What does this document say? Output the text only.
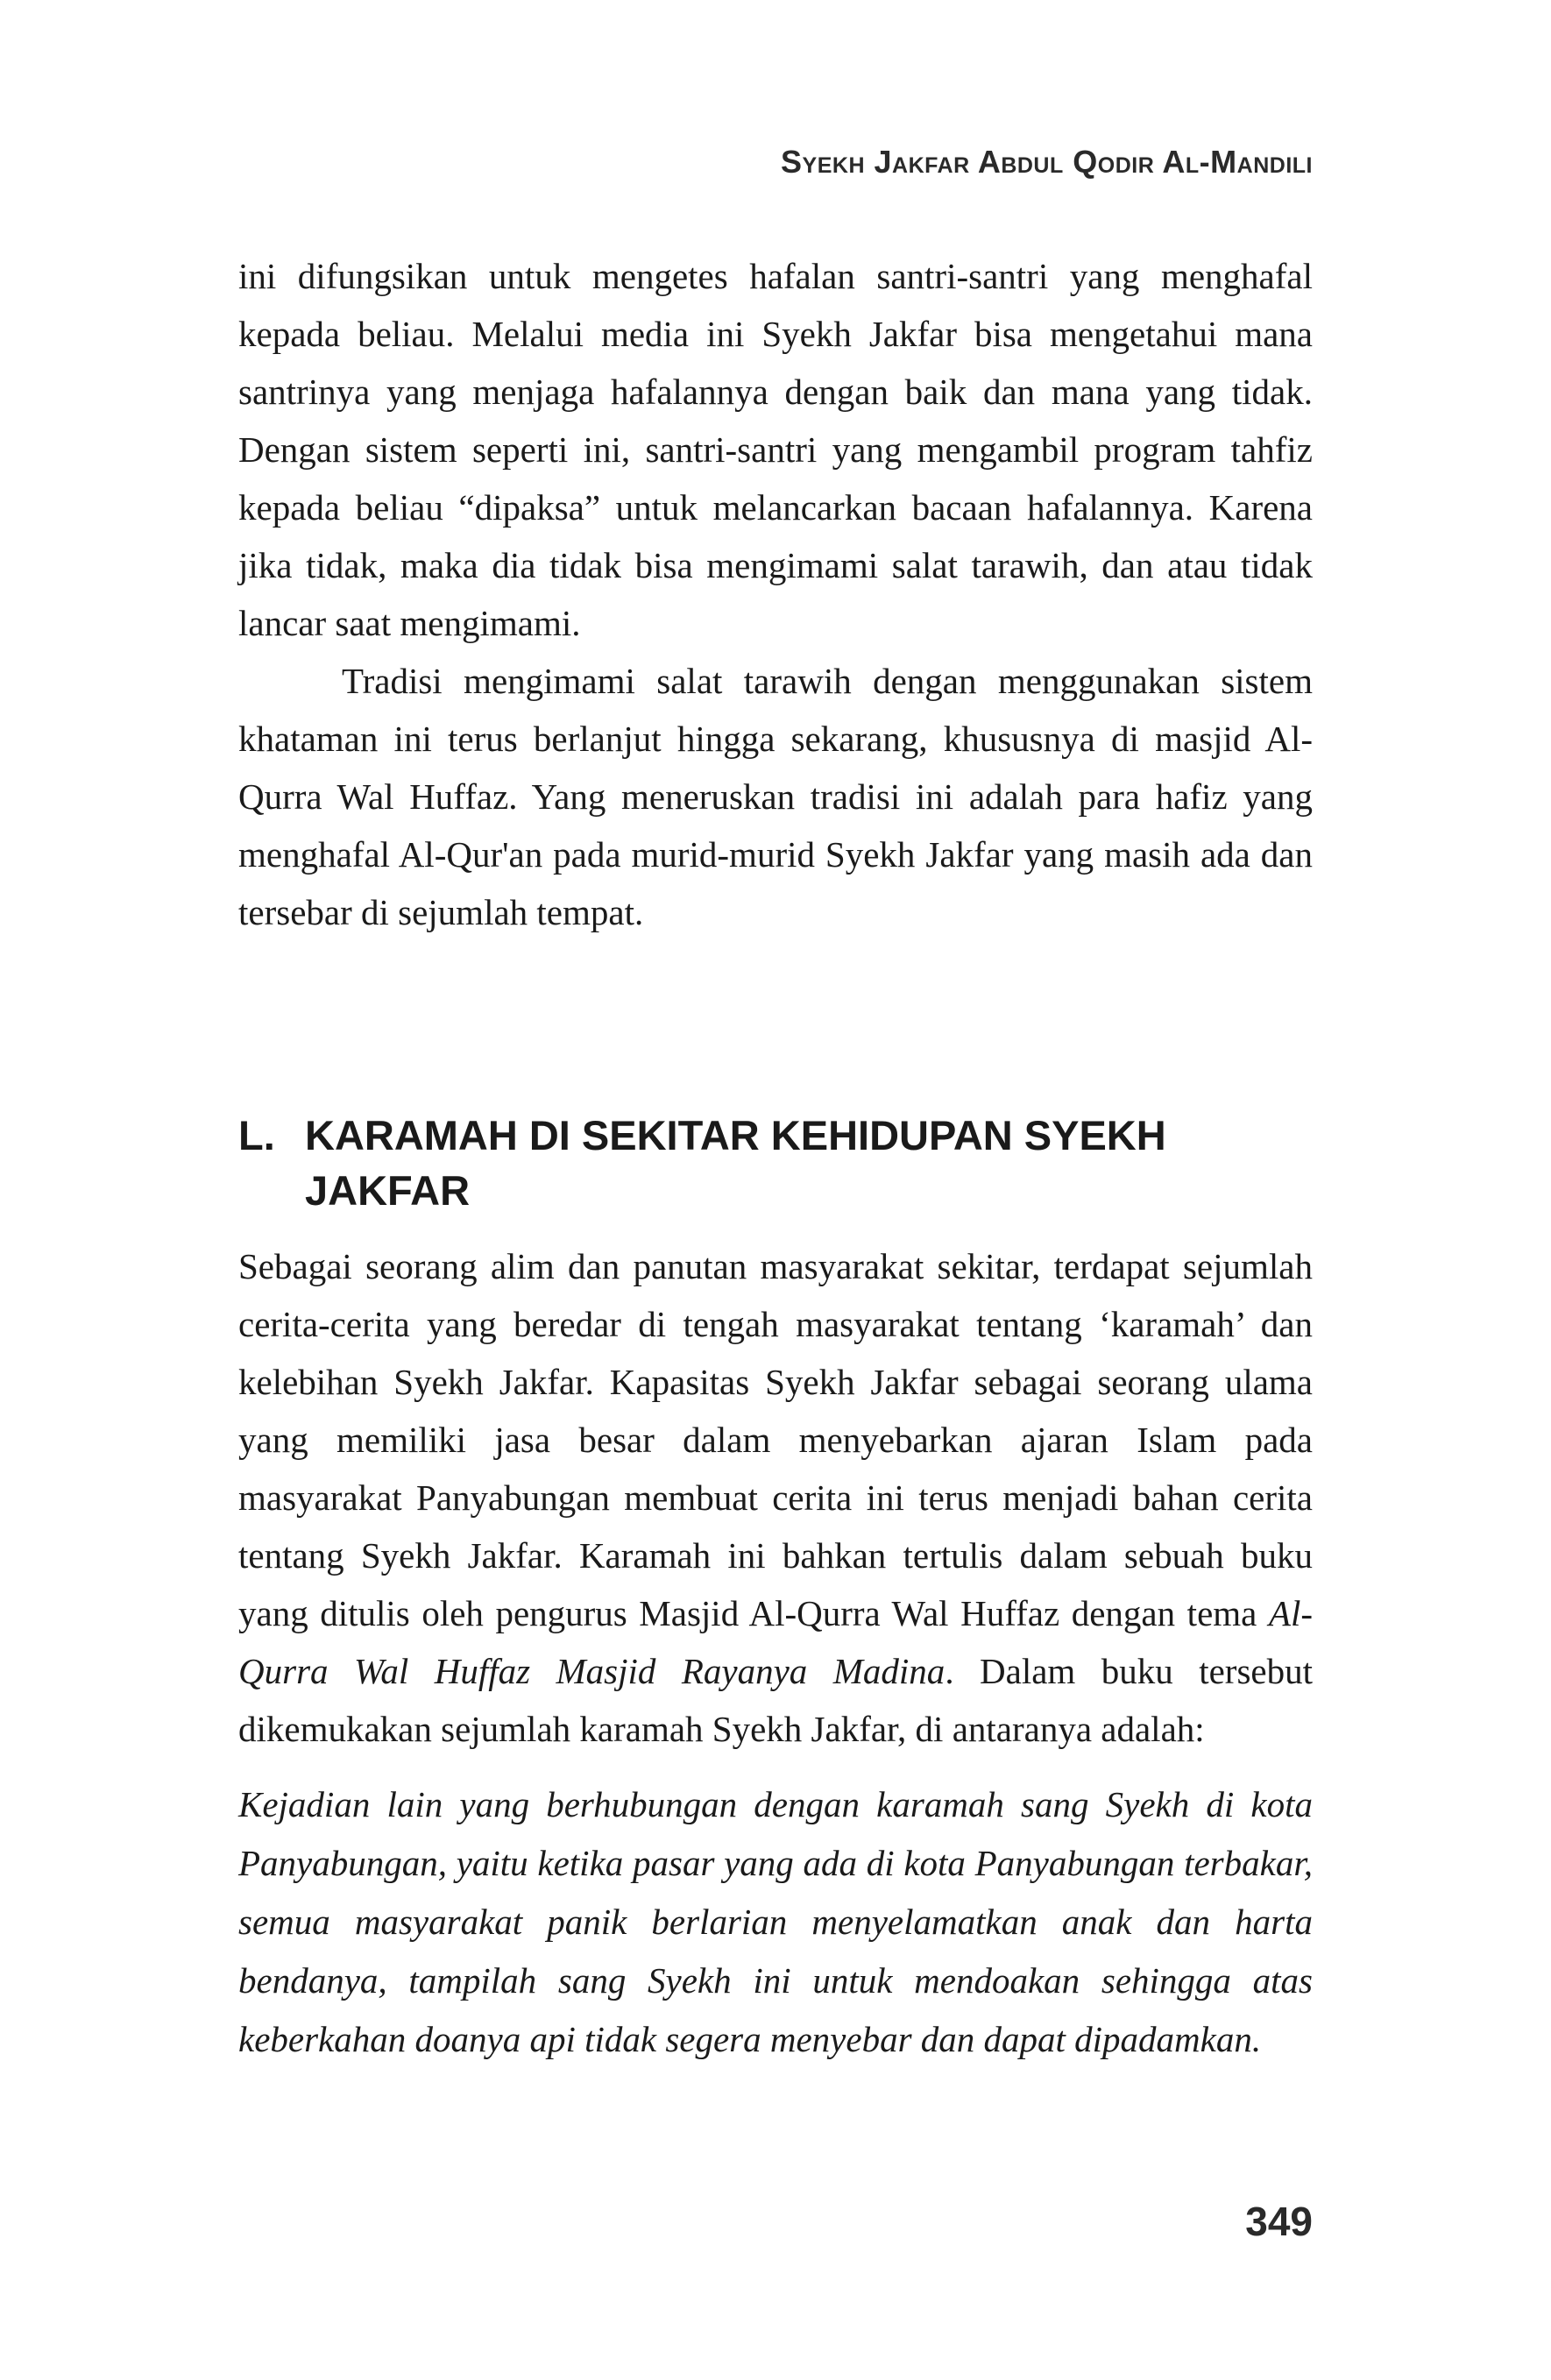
Syekh Jakfar Abdul Qodir Al-Mandili

ini difungsikan untuk mengetes hafalan santri-santri yang menghafal kepada beliau. Melalui media ini Syekh Jakfar bisa mengetahui mana santrinya yang menjaga hafalannya dengan baik dan mana yang tidak. Dengan sistem seperti ini, santri-santri yang mengambil program tahfiz kepada beliau “dipaksa” untuk melancarkan bacaan hafalannya. Karena jika tidak, maka dia tidak bisa mengimami salat tarawih, dan atau tidak lancar saat mengimami.

Tradisi mengimami salat tarawih dengan menggunakan sistem khataman ini terus berlanjut hingga sekarang, khususnya di masjid Al-Qurra Wal Huffaz. Yang meneruskan tradisi ini adalah para hafiz yang menghafal Al-Qur'an pada murid-murid Syekh Jakfar yang masih ada dan tersebar di sejumlah tempat.

L. KARAMAH DI SEKITAR KEHIDUPAN SYEKH JAKFAR

Sebagai seorang alim dan panutan masyarakat sekitar, terdapat sejumlah cerita-cerita yang beredar di tengah masyarakat tentang ‘karamah’ dan kelebihan Syekh Jakfar. Kapasitas Syekh Jakfar sebagai seorang ulama yang memiliki jasa besar dalam menyebarkan ajaran Islam pada masyarakat Panyabungan membuat cerita ini terus menjadi bahan cerita tentang Syekh Jakfar. Karamah ini bahkan tertulis dalam sebuah buku yang ditulis oleh pengurus Masjid Al-Qurra Wal Huffaz dengan tema Al-Qurra Wal Huffaz Masjid Rayanya Madina. Dalam buku tersebut dikemukakan sejumlah karamah Syekh Jakfar, di antaranya adalah:

Kejadian lain yang berhubungan dengan karamah sang Syekh di kota Panyabungan, yaitu ketika pasar yang ada di kota Panyabungan terbakar, semua masyarakat panik berlarian menyelamatkan anak dan harta bendanya, tampilah sang Syekh ini untuk mendoakan sehingga atas keberkahan doanya api tidak segera menyebar dan dapat dipadamkan.

349
